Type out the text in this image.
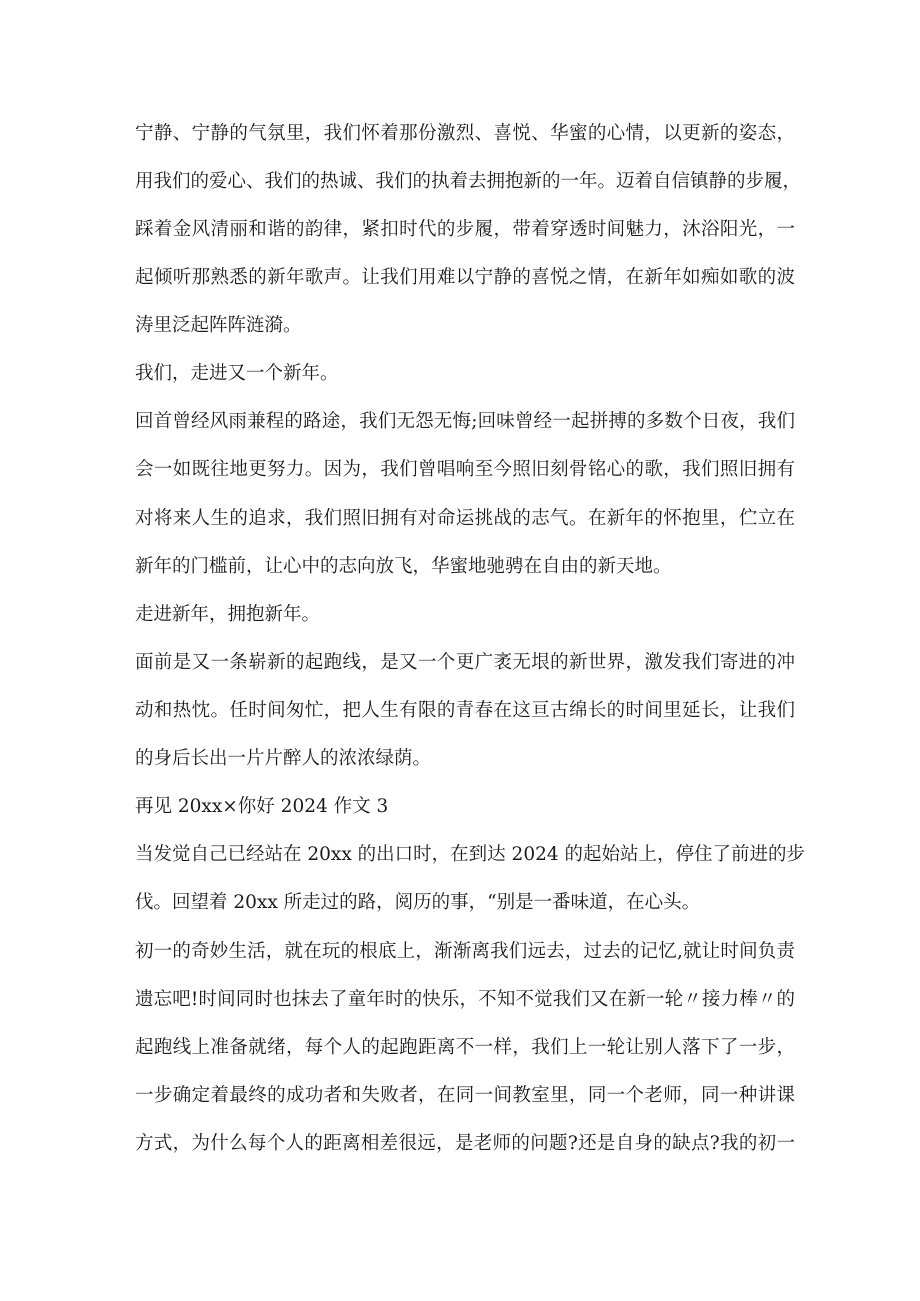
宁静、宁静的气氛里，我们怀着那份激烈、喜悦、华蜜的心情，以更新的姿态，
用我们的爱心、我们的热诚、我们的执着去拥抱新的一年。迈着自信镇静的步履，
踩着金风清丽和谐的韵律，紧扣时代的步履，带着穿透时间魅力，沐浴阳光，一
起倾听那熟悉的新年歌声。让我们用难以宁静的喜悦之情，在新年如痴如歌的波
涛里泛起阵阵涟漪。
我们，走进又一个新年。
回首曾经风雨兼程的路途，我们无怨无悔;回味曾经一起拼搏的多数个日夜，我们
会一如既往地更努力。因为，我们曾唱响至今照旧刻骨铭心的歌，我们照旧拥有
对将来人生的追求，我们照旧拥有对命运挑战的志气。在新年的怀抱里，伫立在
新年的门槛前，让心中的志向放飞，华蜜地驰骋在自由的新天地。
走进新年，拥抱新年。
面前是又一条崭新的起跑线，是又一个更广袤无垠的新世界，激发我们寄进的冲
动和热忱。任时间匆忙，把人生有限的青春在这亘古绵长的时间里延长，让我们
的身后长出一片片醉人的浓浓绿荫。
再见 20xx×你好 2024 作文 3
当发觉自己已经站在 20xx 的出口时，在到达 2024 的起始站上，停住了前进的步
伐。回望着 20xx 所走过的路，阅历的事，“别是一番味道，在心头。
初一的奇妙生活，就在玩的根底上，渐渐离我们远去，过去的记忆,就让时间负责
遗忘吧!时间同时也抹去了童年时的快乐，不知不觉我们又在新一轮〃接力棒〃的
起跑线上准备就绪，每个人的起跑距离不一样，我们上一轮让别人落下了一步，
一步确定着最终的成功者和失败者，在同一间教室里，同一个老师，同一种讲课
方式，为什么每个人的距离相差很远，是老师的问题?还是自身的缺点?我的初一
